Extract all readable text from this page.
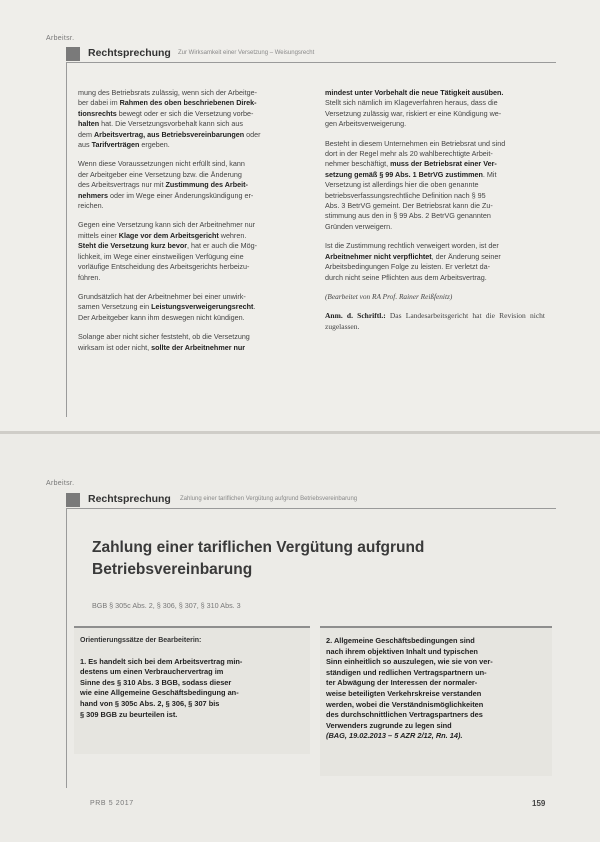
Arbeitsr.
Rechtsprechung Zur Wirksamkeit einer Versetzung – Weisungsrecht

mung des Betriebsrats zulässig, wenn sich der Arbeitge-
ber dabei im Rahmen des oben beschriebenen Direk-
tionsrechts bewegt oder er sich die Versetzung vorbe-
halten hat. Die Versetzungsvorbehalt kann sich aus
dem Arbeitsvertrag, aus Betriebsvereinbarungen oder
aus Tarifverträgen ergeben.

Wenn diese Voraussetzungen nicht erfüllt sind, kann
der Arbeitgeber eine Versetzung bzw. die Änderung
des Arbeitsvertrags nur mit Zustimmung des Arbeit-
nehmers oder im Wege einer Änderungskündigung er-
reichen.

Gegen eine Versetzung kann sich der Arbeitnehmer nur
mittels einer Klage vor dem Arbeitsgericht wehren.
Steht die Versetzung kurz bevor, hat er auch die Mög-
lichkeit, im Wege einer einstweiligen Verfügung eine
vorläufige Entscheidung des Arbeitsgerichts herbeizu-
führen.

Grundsätzlich hat der Arbeitnehmer bei einer unwirk-
samen Versetzung ein Leistungsverweigerungsrecht.
Der Arbeitgeber kann ihm deswegen nicht kündigen.

Solange aber nicht sicher feststeht, ob die Versetzung
wirksam ist oder nicht, sollte der Arbeitnehmer nur

mindest unter Vorbehalt die neue Tätigkeit ausüben.
Stellt sich nämlich im Klageverfahren heraus, dass die
Versetzung zulässig war, riskiert er eine Kündigung we-
gen Arbeitsverweigerung.

Besteht in diesem Unternehmen ein Betriebsrat und sind
dort in der Regel mehr als 20 wahlberechtigte Arbeit-
nehmer beschäftigt, muss der Betriebsrat einer Ver-
setzung gemäß § 99 Abs. 1 BetrVG zustimmen. Mit
Versetzung ist allerdings hier die oben genannte
betriebsverfassungsrechtliche Definition nach § 95
Abs. 3 BetrVG gemeint. Der Betriebsrat kann die Zu-
stimmung aus den in § 99 Abs. 2 BetrVG genannten
Gründen verweigern.

Ist die Zustimmung rechtlich verweigert worden, ist der
Arbeitnehmer nicht verpflichtet, der Änderung seiner
Arbeitsbedingungen Folge zu leisten. Er verletzt da-
durch nicht seine Pflichten aus dem Arbeitsvertrag.

(Bearbeitet von RA Prof. Rainer Reißfenitz)

Anm. d. Schriftl.: Das Landesarbeitsgericht hat die Revision nicht zugelassen.

Arbeitsr.
Rechtsprechung Zahlung einer tariflichen Vergütung aufgrund Betriebsvereinbarung
Zahlung einer tariflichen Vergütung aufgrund
Betriebsvereinbarung
BGB § 305c Abs. 2, § 306, § 307, § 310 Abs. 3
Orientierungssätze der Bearbeiterin:
1. Es handelt sich bei dem Arbeitsvertrag min-
destens um einen Verbrauchervertrag im
Sinne des § 310 Abs. 3 BGB, sodass dieser
wie eine Allgemeine Geschäftsbedingung an-
hand von § 305c Abs. 2, § 306, § 307 bis
§ 309 BGB zu beurteilen ist.
2. Allgemeine Geschäftsbedingungen sind
nach ihrem objektiven Inhalt und typischen
Sinn einheitlich so auszulegen, wie sie von ver-
ständigen und redlichen Vertragspartnern un-
ter Abwägung der Interessen der normaler-
weise beteiligten Verkehrskreise verstanden
werden, wobei die Verständnismöglichkeiten
des durchschnittlichen Vertragspartners des
Verwenders zugrunde zu legen sind
(BAG, 19.02.2013 – 5 AZR 2/12, Rn. 14).
PRB 5 2017	159
